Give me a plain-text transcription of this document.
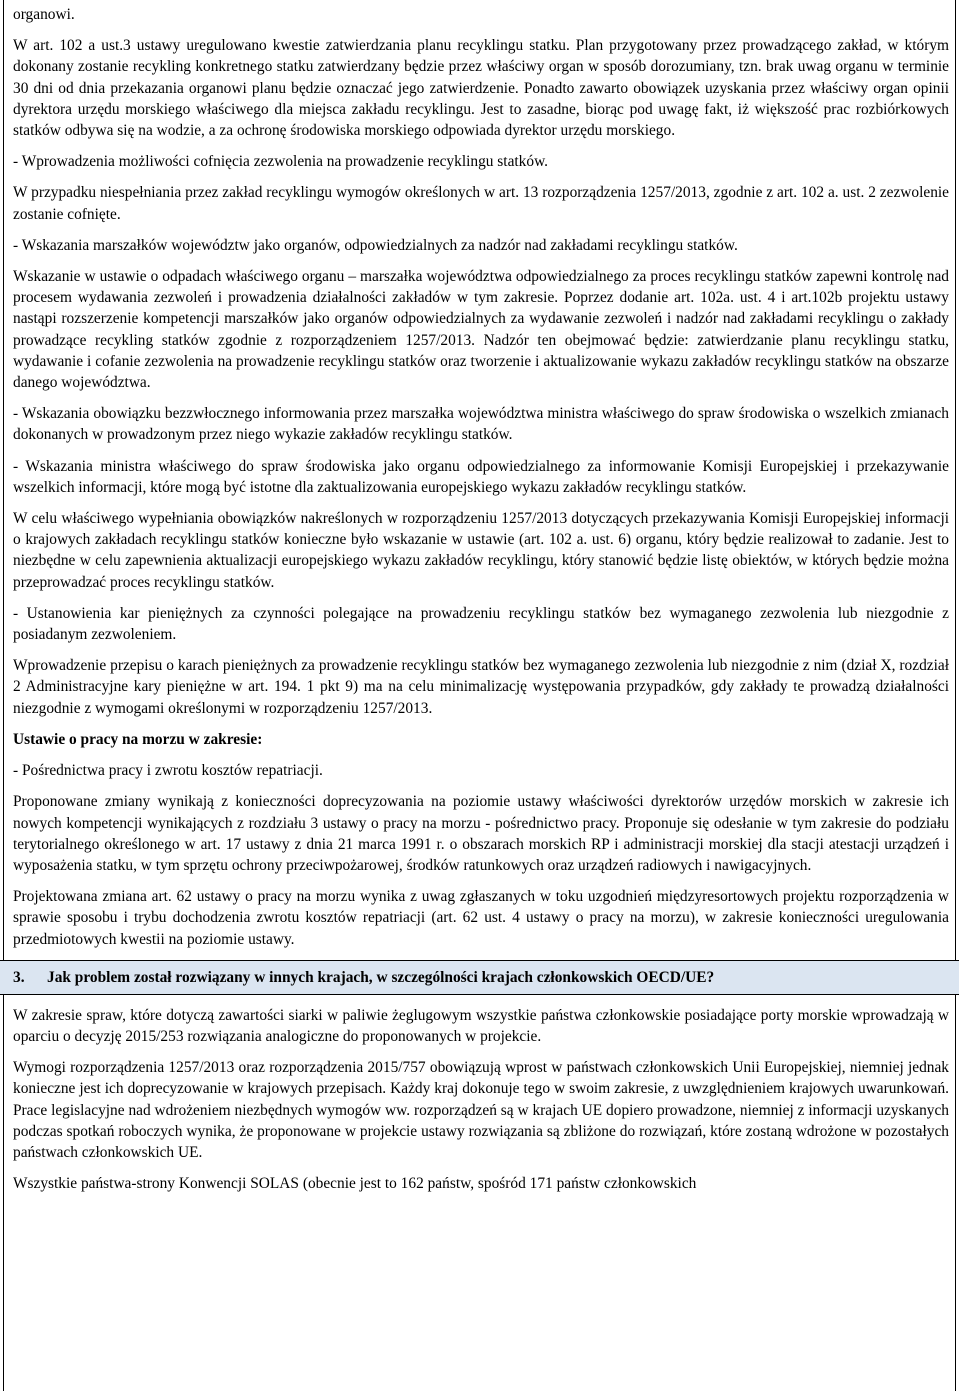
organowi.

W art. 102 a ust.3 ustawy uregulowano kwestie zatwierdzania planu recyklingu statku. Plan przygotowany przez prowadzącego zakład, w którym dokonany zostanie recykling konkretnego statku zatwierdzany będzie przez właściwy organ w sposób dorozumiany, tzn. brak uwag organu w terminie 30 dni od dnia przekazania organowi planu będzie oznaczać jego zatwierdzenie. Ponadto zawarto obowiązek uzyskania przez właściwy organ opinii dyrektora urzędu morskiego właściwego dla miejsca zakładu recyklingu. Jest to zasadne, biorąc pod uwagę fakt, iż większość prac rozbiórkowych statków odbywa się na wodzie, a za ochronę środowiska morskiego odpowiada dyrektor urzędu morskiego.

- Wprowadzenia możliwości cofnięcia zezwolenia na prowadzenie recyklingu statków.

W przypadku niespełniania przez zakład recyklingu wymogów określonych w art. 13 rozporządzenia 1257/2013, zgodnie z art. 102 a. ust. 2 zezwolenie zostanie cofnięte.

- Wskazania marszałków województw jako organów, odpowiedzialnych za nadzór nad zakładami recyklingu statków.

Wskazanie w ustawie o odpadach właściwego organu – marszałka województwa odpowiedzialnego za proces recyklingu statków zapewni kontrolę nad procesem wydawania zezwoleń i prowadzenia działalności zakładów w tym zakresie. Poprzez dodanie art. 102a. ust. 4 i art.102b projektu ustawy nastąpi rozszerzenie kompetencji marszałków jako organów odpowiedzialnych za wydawanie zezwoleń i nadzór nad zakładami recyklingu o zakłady prowadzące recykling statków zgodnie z rozporządzeniem 1257/2013. Nadzór ten obejmować będzie: zatwierdzanie planu recyklingu statku, wydawanie i cofanie zezwolenia na prowadzenie recyklingu statków oraz tworzenie i aktualizowanie wykazu zakładów recyklingu statków na obszarze danego województwa.

- Wskazania obowiązku bezzwłocznego informowania przez marszałka województwa ministra właściwego do spraw środowiska o wszelkich zmianach dokonanych w prowadzonym przez niego wykazie zakładów recyklingu statków.

- Wskazania ministra właściwego do spraw środowiska jako organu odpowiedzialnego za informowanie Komisji Europejskiej i przekazywanie wszelkich informacji, które mogą być istotne dla zaktualizowania europejskiego wykazu zakładów recyklingu statków.

W celu właściwego wypełniania obowiązków nakreślonych w rozporządzeniu 1257/2013 dotyczących przekazywania Komisji Europejskiej informacji o krajowych zakładach recyklingu statków konieczne było wskazanie w ustawie (art. 102 a. ust. 6) organu, który będzie realizował to zadanie. Jest to niezbędne w celu zapewnienia aktualizacji europejskiego wykazu zakładów recyklingu, który stanowić będzie listę obiektów, w których będzie można przeprowadzać proces recyklingu statków.

- Ustanowienia kar pieniężnych za czynności polegające na prowadzeniu recyklingu statków bez wymaganego zezwolenia lub niezgodnie z posiadanym zezwoleniem.

Wprowadzenie przepisu o karach pieniężnych za prowadzenie recyklingu statków bez wymaganego zezwolenia lub niezgodnie z nim (dział X, rozdział 2 Administracyjne kary pieniężne w art. 194. 1 pkt 9) ma na celu minimalizację występowania przypadków, gdy zakłady te prowadzą działalności niezgodnie z wymogami określonymi w rozporządzeniu 1257/2013.

Ustawie o pracy na morzu w zakresie:

- Pośrednictwa pracy i zwrotu kosztów repatriacji.

Proponowane zmiany wynikają z konieczności doprecyzowania na poziomie ustawy właściwości dyrektorów urzędów morskich w zakresie ich nowych kompetencji wynikających z rozdziału 3 ustawy o pracy na morzu - pośrednictwo pracy. Proponuje się odesłanie w tym zakresie do podziału terytorialnego określonego w art. 17 ustawy z dnia 21 marca 1991 r. o obszarach morskich RP i administracji morskiej dla stacji atestacji urządzeń i wyposażenia statku, w tym sprzętu ochrony przeciwpożarowej, środków ratunkowych oraz urządzeń radiowych i nawigacyjnych.

Projektowana zmiana art. 62 ustawy o pracy na morzu wynika z uwag zgłaszanych w toku uzgodnień międzyresortowych projektu rozporządzenia w sprawie sposobu i trybu dochodzenia zwrotu kosztów repatriacji (art. 62 ust. 4 ustawy o pracy na morzu), w zakresie konieczności uregulowania przedmiotowych kwestii na poziomie ustawy.

3. Jak problem został rozwiązany w innych krajach, w szczególności krajach członkowskich OECD/UE?

W zakresie spraw, które dotyczą zawartości siarki w paliwie żeglugowym wszystkie państwa członkowskie posiadające porty morskie wprowadzają w oparciu o decyzję 2015/253 rozwiązania analogiczne do proponowanych w projekcie.

Wymogi rozporządzenia 1257/2013 oraz rozporządzenia 2015/757 obowiązują wprost w państwach członkowskich Unii Europejskiej, niemniej jednak konieczne jest ich doprecyzowanie w krajowych przepisach. Każdy kraj dokonuje tego w swoim zakresie, z uwzględnieniem krajowych uwarunkowań. Prace legislacyjne nad wdrożeniem niezbędnych wymogów ww. rozporządzeń są w krajach UE dopiero prowadzone, niemniej z informacji uzyskanych podczas spotkań roboczych wynika, że proponowane w projekcie ustawy rozwiązania są zbliżone do rozwiązań, które zostaną wdrożone w pozostałych państwach członkowskich UE.

Wszystkie państwa-strony Konwencji SOLAS (obecnie jest to 162 państw, spośród 171 państw członkowskich
